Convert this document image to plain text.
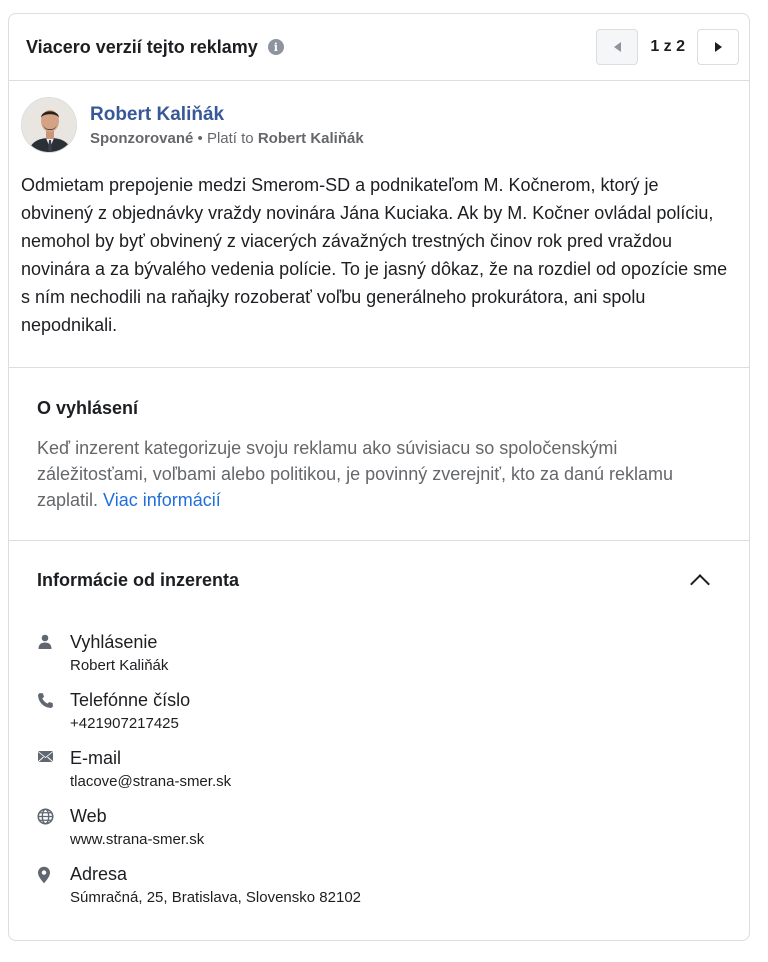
Viacero verzií tejto reklamy	i	1 z 2
Robert Kaliňák
Sponzorované • Platí to Robert Kaliňák
Odmietam prepojenie medzi Smerom-SD a podnikateľom M. Kočnerom, ktorý je obvinený z objednávky vraždy novinára Jána Kuciaka. Ak by M. Kočner ovládal políciu, nemohol by byť obvinený z viacerých závažných trestných činov rok pred vraždou novinára a za bývalého vedenia polície. To je jasný dôkaz, že na rozdiel od opozície sme s ním nechodili na raňajky rozoberať voľbu generálneho prokurátora, ani spolu nepodnikali.
O vyhlásení
Keď inzerent kategorizuje svoju reklamu ako súvisiacu so spoločenskými záležitosťami, voľbami alebo politikou, je povinný zverejniť, kto za danú reklamu zaplatil. Viac informácií
Informácie od inzerenta
Vyhlásenie
Robert Kaliňák
Telefónne číslo
+421907217425
E-mail
tlacove@strana-smer.sk
Web
www.strana-smer.sk
Adresa
Súmračná, 25, Bratislava, Slovensko 82102
